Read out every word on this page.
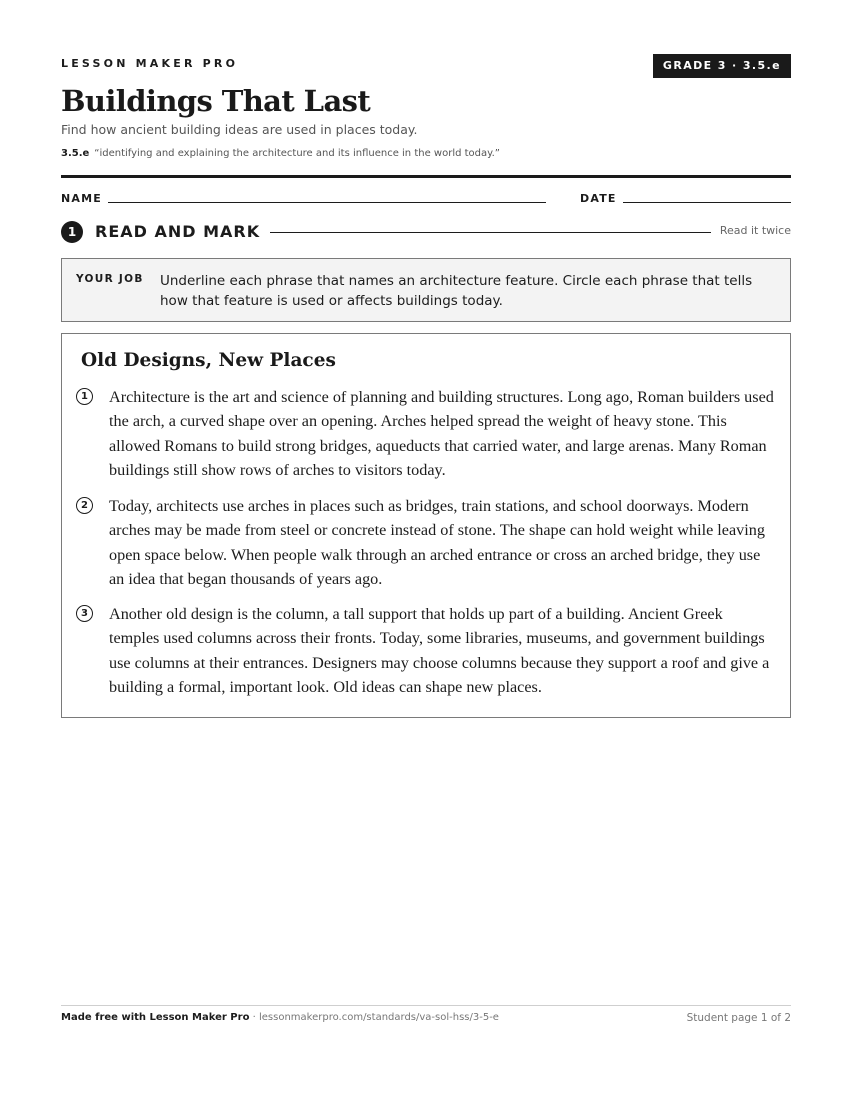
LESSON MAKER PRO	GRADE 3 · 3.5.e
Buildings That Last
Find how ancient building ideas are used in places today.
3.5.e “identifying and explaining the architecture and its influence in the world today.”
NAME	DATE
1	READ AND MARK	Read it twice
YOUR JOB Underline each phrase that names an architecture feature. Circle each phrase that tells how that feature is used or affects buildings today.
Old Designs, New Places
1	Architecture is the art and science of planning and building structures. Long ago, Roman builders used the arch, a curved shape over an opening. Arches helped spread the weight of heavy stone. This allowed Romans to build strong bridges, aqueducts that carried water, and large arenas. Many Roman buildings still show rows of arches to visitors today.

2	Today, architects use arches in places such as bridges, train stations, and school doorways. Modern arches may be made from steel or concrete instead of stone. The shape can hold weight while leaving open space below. When people walk through an arched entrance or cross an arched bridge, they use an idea that began thousands of years ago.

3	Another old design is the column, a tall support that holds up part of a building. Ancient Greek temples used columns across their fronts. Today, some libraries, museums, and government buildings use columns at their entrances. Designers may choose columns because they support a roof and give a building a formal, important look. Old ideas can shape new places.

Made free with Lesson Maker Pro · lessonmakerpro.com/standards/va-sol-hss/3-5-e	Student page 1 of 2
